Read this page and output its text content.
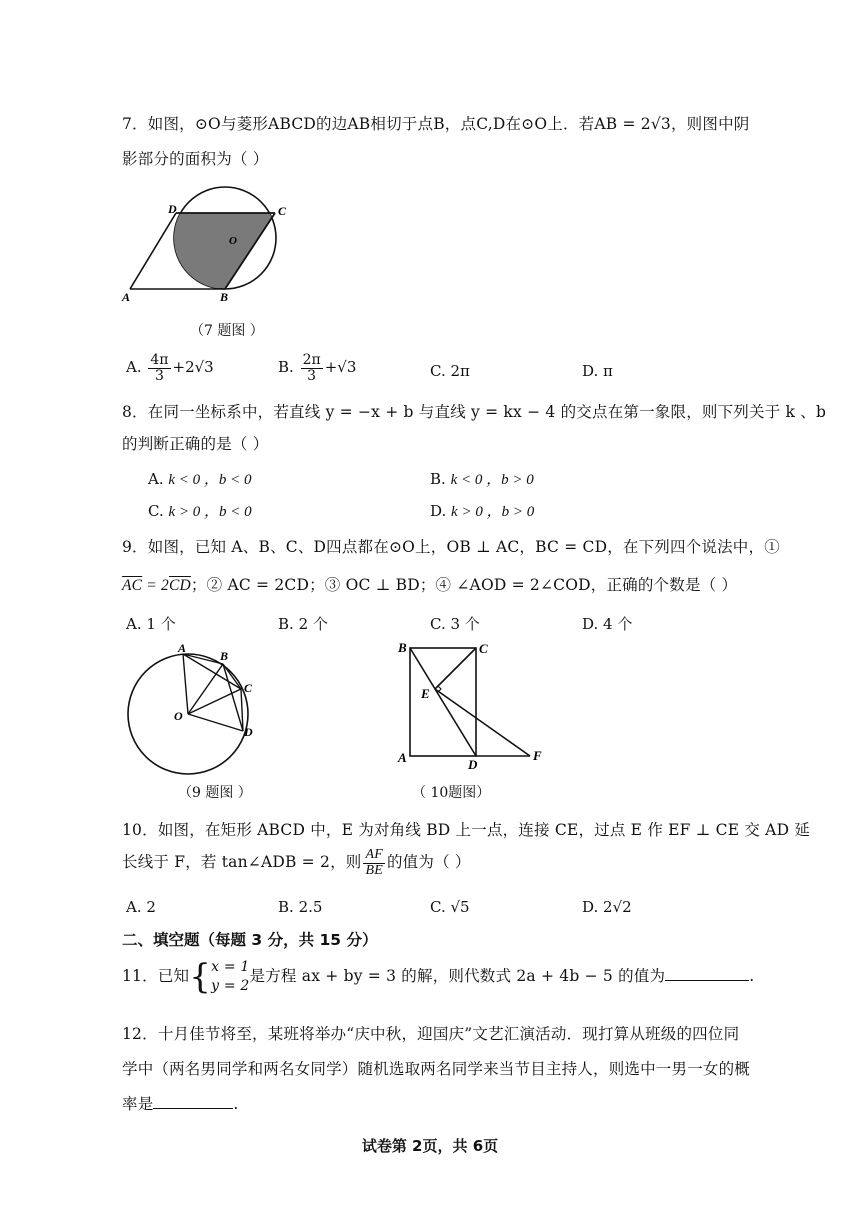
7．如图，⊙O与菱形ABCD的边AB相切于点B，点C,D在⊙O上．若AB = 2√3，则图中阴
影部分的面积为（ ）
D	C
O
A	B
（7 题图 ）
A. $\frac{4\pi}{3} +2√3$	B. $\frac{2\pi}{3} +√3$	C. 2π	D. π
8．在同一坐标系中，若直线 y = −x + b 与直线 y = kx − 4 的交点在第一象限，则下列关于 k 、b
的判断正确的是（ ）
A. k < 0 ，b < 0	B. k < 0 ，b > 0
C. k > 0 ，b < 0	D. k > 0 ，b > 0
9．如图，已知 A、B、C、D四点都在⊙O上，OB ⊥ AC，BC = CD，在下列四个说法中，①
$\overline{AC} = 2\overline{CD}$；② AC = 2CD；③ OC ⊥ BD；④ ∠AOD = 2∠COD，正确的个数是（ ）
A. 1 个	B. 2 个	C. 3 个	D. 4 个
A
B
C
O
D
（9 题图 ）
B	C
E
A	D
F
（ 10题图）
10．如图，在矩形 ABCD 中，E 为对角线 BD 上一点，连接 CE，过点 E 作 EF ⊥ CE 交 AD 延
长线于 F，若 tan∠ADB = 2，则 $\frac{AF}{BE}$ 的值为（ ）
A. 2	B. 2.5	C. √5	D. 2√2
二、填空题（每题 3 分，共 15 分）
11．已知{ x = 1
y = 2
是方程 ax + by = 3 的解，则代数式 2a + 4b − 5 的值为	.
12．十月佳节将至，某班将举办“庆中秋，迎国庆”文艺汇演活动．现打算从班级的四位同
学中（两名男同学和两名女同学）随机选取两名同学来当节目主持人，则选中一男一女的概
率是	.
试卷第 2页，共 6页
